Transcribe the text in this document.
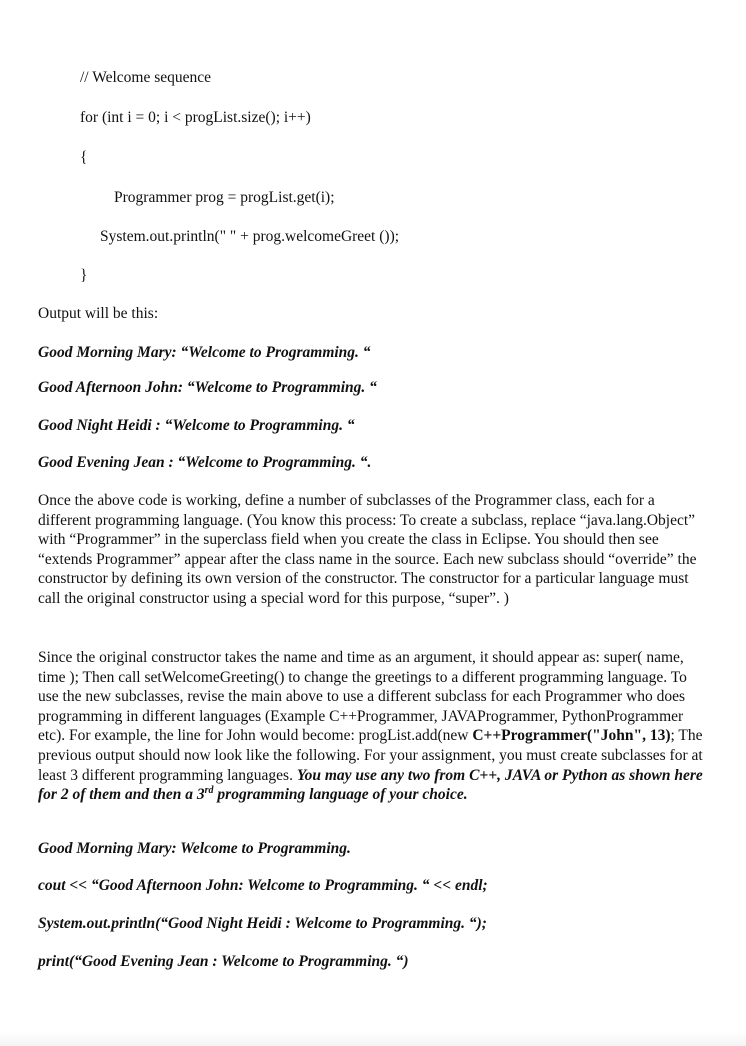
// Welcome sequence
for (int i = 0; i < progList.size(); i++)
{
Programmer prog = progList.get(i);
System.out.println(" " + prog.welcomeGreet ());
}
Output will be this:
Good Morning Mary: “Welcome to Programming. “
Good Afternoon John: “Welcome to Programming. “
Good Night Heidi : “Welcome to Programming. “
Good Evening Jean : “Welcome to Programming. “.

Once the above code is working, define a number of subclasses of the Programmer class, each for a different programming language. (You know this process: To create a subclass, replace “java.lang.Object” with “Programmer” in the superclass field when you create the class in Eclipse. You should then see “extends Programmer” appear after the class name in the source. Each new subclass should “override” the constructor by defining its own version of the constructor. The constructor for a particular language must call the original constructor using a special word for this purpose, “super”. )

Since the original constructor takes the name and time as an argument, it should appear as: super( name, time ); Then call setWelcomeGreeting() to change the greetings to a different programming language. To use the new subclasses, revise the main above to use a different subclass for each Programmer who does programming in different languages (Example C++Programmer, JAVAProgrammer, PythonProgrammer etc). For example, the line for John would become: progList.add(new C++Programmer("John", 13); The previous output should now look like the following. For your assignment, you must create subclasses for at least 3 different programming languages. You may use any two from C++, JAVA or Python as shown here for 2 of them and then a 3rd programming language of your choice.

Good Morning Mary: Welcome to Programming.
cout << “Good Afternoon John: Welcome to Programming. “ << endl;
System.out.println(“Good Night Heidi : Welcome to Programming. “);
print(“Good Evening Jean : Welcome to Programming. “)
